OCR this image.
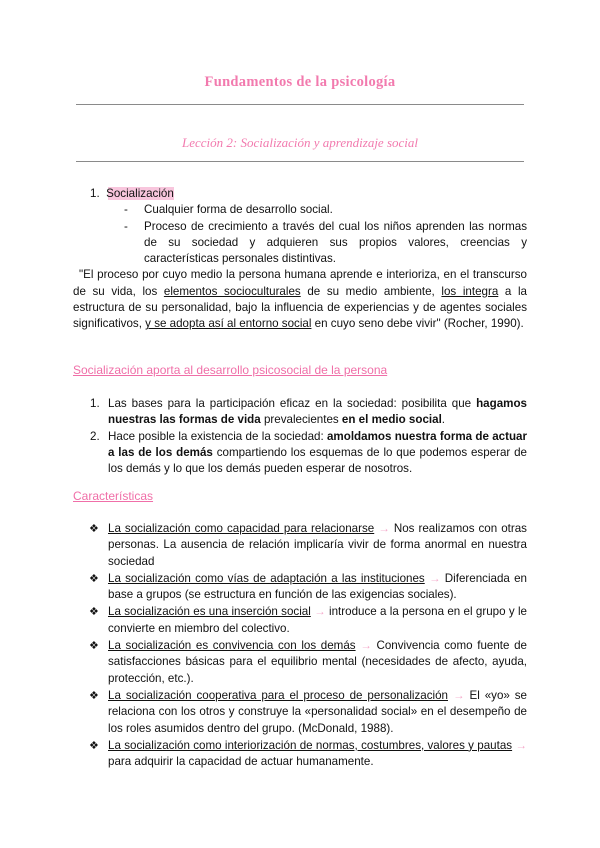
Fundamentos de la psicología
Lección 2: Socialización y aprendizaje social
1. Socialización
- Cualquier forma de desarrollo social.
- Proceso de crecimiento a través del cual los niños aprenden las normas de su sociedad y adquieren sus propios valores, creencias y características personales distintivas.
"El proceso por cuyo medio la persona humana aprende e interioriza, en el transcurso de su vida, los elementos socioculturales de su medio ambiente, los integra a la estructura de su personalidad, bajo la influencia de experiencias y de agentes sociales significativos, y se adopta así al entorno social en cuyo seno debe vivir" (Rocher, 1990).
Socialización aporta al desarrollo psicosocial de la persona
1. Las bases para la participación eficaz en la sociedad: posibilita que hagamos nuestras las formas de vida prevalecientes en el medio social.
2. Hace posible la existencia de la sociedad: amoldamos nuestra forma de actuar a las de los demás compartiendo los esquemas de lo que podemos esperar de los demás y lo que los demás pueden esperar de nosotros.
Características
❖ La socialización como capacidad para relacionarse → Nos realizamos con otras personas. La ausencia de relación implicaría vivir de forma anormal en nuestra sociedad
❖ La socialización como vías de adaptación a las instituciones → Diferenciada en base a grupos (se estructura en función de las exigencias sociales).
❖ La socialización es una inserción social → introduce a la persona en el grupo y le convierte en miembro del colectivo.
❖ La socialización es convivencia con los demás → Convivencia como fuente de satisfacciones básicas para el equilibrio mental (necesidades de afecto, ayuda, protección, etc.).
❖ La socialización cooperativa para el proceso de personalización → El «yo» se relaciona con los otros y construye la «personalidad social» en el desempeño de los roles asumidos dentro del grupo. (McDonald, 1988).
❖ La socialización como interiorización de normas, costumbres, valores y pautas → para adquirir la capacidad de actuar humanamente.
